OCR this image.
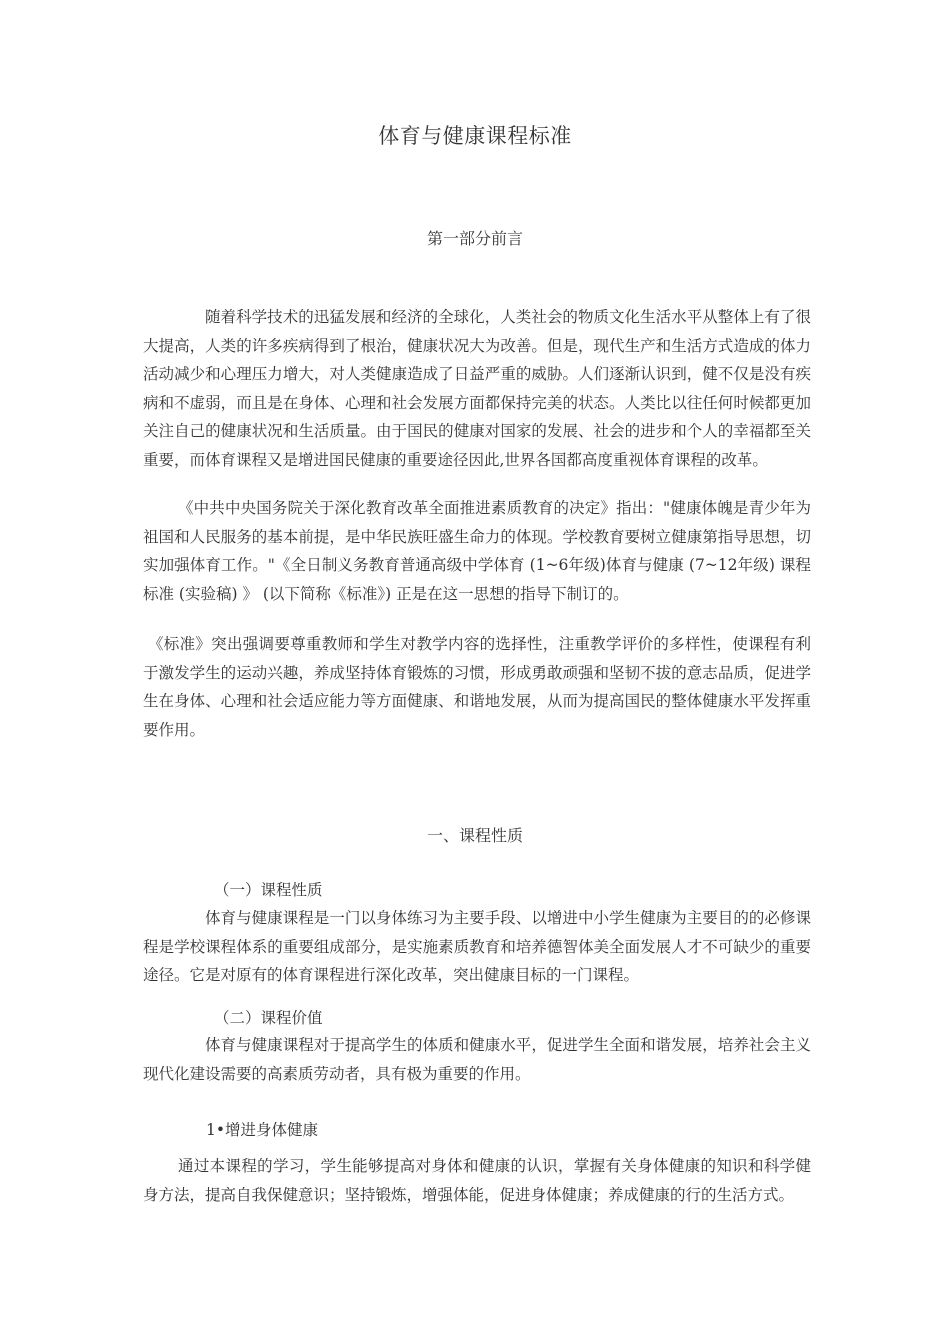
体育与健康课程标准
第一部分前言

随着科学技术的迅猛发展和经济的全球化，人类社会的物质文化生活水平从整体上有了很大提高，人类的许多疾病得到了根治，健康状况大为改善。但是，现代生产和生活方式造成的体力活动减少和心理压力增大，对人类健康造成了日益严重的威胁。人们逐渐认识到，健不仅是没有疾病和不虚弱，而且是在身体、心理和社会发展方面都保持完美的状态。人类比以往任何时候都更加关注自己的健康状况和生活质量。由于国民的健康对国家的发展、社会的进步和个人的幸福都至关重要，而体育课程又是增进国民健康的重要途径因此,世界各国都高度重视体育课程的改革。

《中共中央国务院关于深化教育改革全面推进素质教育的决定》指出："健康体魄是青少年为祖国和人民服务的基本前提，是中华民族旺盛生命力的体现。学校教育要树立健康第指导思想，切实加强体育工作。"《全日制义务教育普通高级中学体育 (1~6年级)体育与健康 (7~12年级) 课程标准 (实验稿) 》 (以下简称《标准》) 正是在这一思想的指导下制订的。

《标准》突出强调要尊重教师和学生对教学内容的选择性，注重教学评价的多样性，使课程有利于激发学生的运动兴趣，养成坚持体育锻炼的习惯，形成勇敢顽强和坚韧不拔的意志品质，促进学生在身体、心理和社会适应能力等方面健康、和谐地发展，从而为提高国民的整体健康水平发挥重要作用。

一、课程性质
（一）课程性质

体育与健康课程是一门以身体练习为主要手段、以增进中小学生健康为主要目的的必修课程是学校课程体系的重要组成部分，是实施素质教育和培养德智体美全面发展人才不可缺少的重要途径。它是对原有的体育课程进行深化改革，突出健康目标的一门课程。

（二）课程价值

体育与健康课程对于提高学生的体质和健康水平，促进学生全面和谐发展，培养社会主义现代化建设需要的高素质劳动者，具有极为重要的作用。

1•增进身体健康

通过本课程的学习，学生能够提高对身体和健康的认识，掌握有关身体健康的知识和科学健身方法，提高自我保健意识；坚持锻炼，增强体能，促进身体健康；养成健康的行的生活方式。
